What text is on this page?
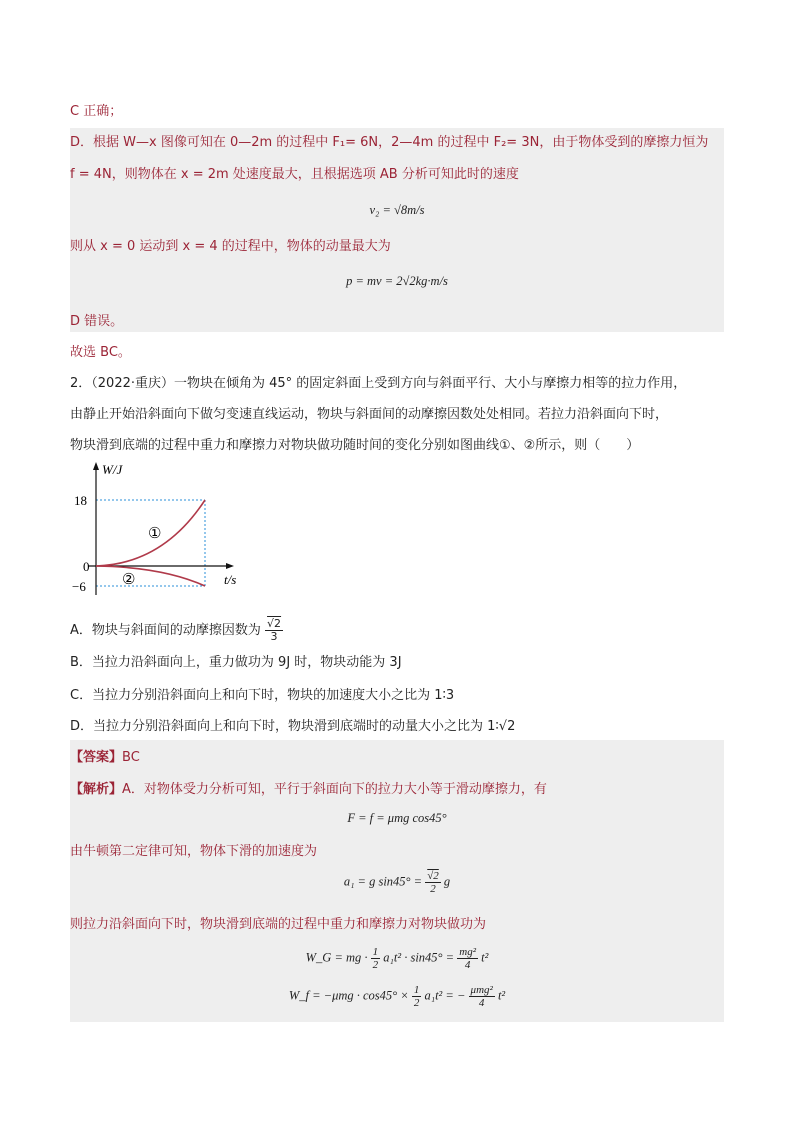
C 正确；
D．根据 W—x 图像可知在 0—2m 的过程中 F₁= 6N，2—4m 的过程中 F₂= 3N，由于物体受到的摩擦力恒为
f = 4N，则物体在 x = 2m 处速度最大，且根据选项 AB 分析可知此时的速度
v₂ = √8m/s
则从 x = 0 运动到 x = 4 的过程中，物体的动量最大为
p = mv = 2√2kg·m/s
D 错误。
故选 BC。
2．（2022·重庆）一物块在倾角为 45° 的固定斜面上受到方向与斜面平行、大小与摩擦力相等的拉力作用，
由静止开始沿斜面向下做匀变速直线运动，物块与斜面间的动摩擦因数处处相同。若拉力沿斜面向下时，
物块滑到底端的过程中重力和摩擦力对物块做功随时间的变化分别如图曲线①、②所示，则（　　）
W/J
t/s
18
0
−6
①
②
A．物块与斜面间的动摩擦因数为 $\frac{√2}{3}$
B．当拉力沿斜面向上，重力做功为 9J 时，物块动能为 3J
C．当拉力分别沿斜面向上和向下时，物块的加速度大小之比为 1∶3
D．当拉力分别沿斜面向上和向下时，物块滑到底端时的动量大小之比为 1∶√2
【答案】BC
【解析】A．对物体受力分析可知，平行于斜面向下的拉力大小等于滑动摩擦力，有
F = f = μmg cos45°
由牛顿第二定律可知，物体下滑的加速度为
a₁ = g $\sin 45^\circ = \frac{√2}{2}$ g
则拉力沿斜面向下时，物块滑到底端的过程中重力和摩擦力对物块做功为
W_G = mg · $\frac{1}{2} a_1t^2 \cdot \sin 45^\circ = \frac{\text{mg²}}{4} t^2$
W_f = $-\mu mg \cdot \cos 45^\circ \times \frac{1}{2} a_1t^2$ = − $\frac{\text{μmg²}}{4} t^2$
